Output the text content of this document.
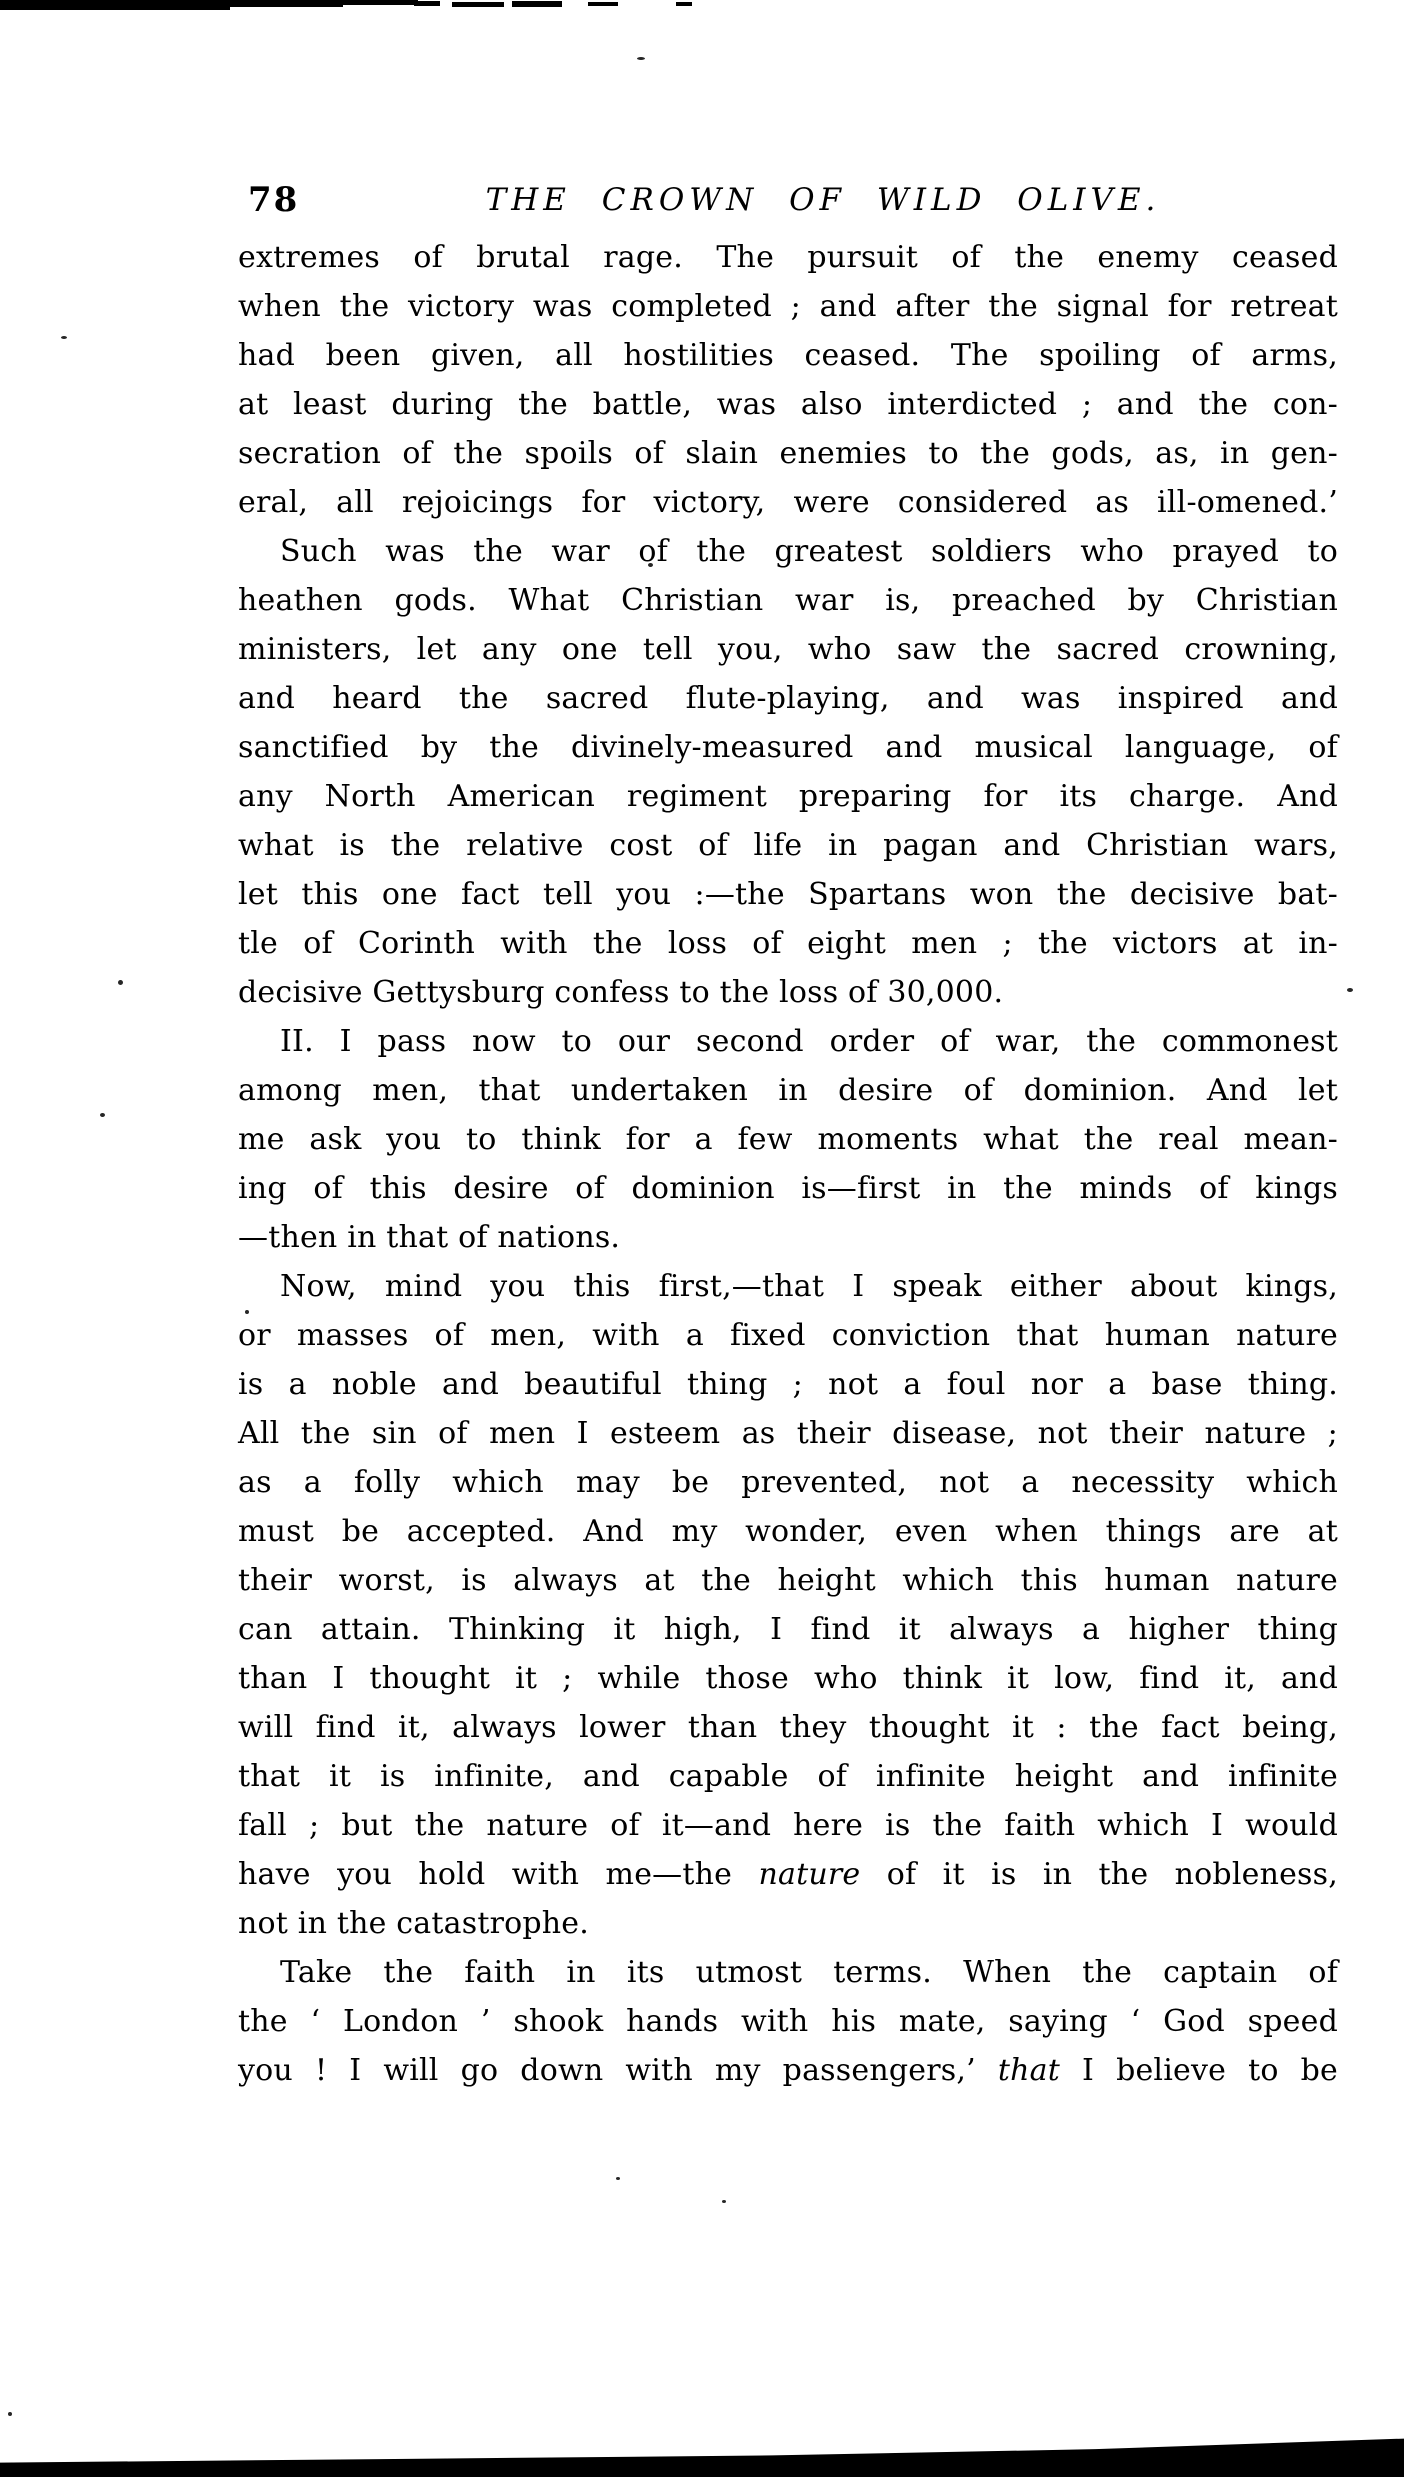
78	THE CROWN OF WILD OLIVE.
extremes of brutal rage. The pursuit of the enemy ceased
when the victory was completed ; and after the signal for retreat
had been given, all hostilities ceased. The spoiling of arms,
at least during the battle, was also interdicted ; and the con-
secration of the spoils of slain enemies to the gods, as, in gen-
eral, all rejoicings for victory, were considered as ill-omened.’
Such was the war of the greatest soldiers who prayed to
heathen gods. What Christian war is, preached by Christian
ministers, let any one tell you, who saw the sacred crowning,
and heard the sacred flute-playing, and was inspired and
sanctified by the divinely-measured and musical language, of
any North American regiment preparing for its charge. And
what is the relative cost of life in pagan and Christian wars,
let this one fact tell you :—the Spartans won the decisive bat-
tle of Corinth with the loss of eight men ; the victors at in-
decisive Gettysburg confess to the loss of 30,000.
II. I pass now to our second order of war, the commonest
among men, that undertaken in desire of dominion. And let
me ask you to think for a few moments what the real mean-
ing of this desire of dominion is—first in the minds of kings
—then in that of nations.
Now, mind you this first,—that I speak either about kings,
or masses of men, with a fixed conviction that human nature
is a noble and beautiful thing ; not a foul nor a base thing.
All the sin of men I esteem as their disease, not their nature ;
as a folly which may be prevented, not a necessity which
must be accepted. And my wonder, even when things are at
their worst, is always at the height which this human nature
can attain. Thinking it high, I find it always a higher thing
than I thought it ; while those who think it low, find it, and
will find it, always lower than they thought it : the fact being,
that it is infinite, and capable of infinite height and infinite
fall ; but the nature of it—and here is the faith which I would
have you hold with me—the nature of it is in the nobleness,
not in the catastrophe.
Take the faith in its utmost terms. When the captain of
the ‘ London ’ shook hands with his mate, saying ‘ God speed
you ! I will go down with my passengers,’ that I believe to be
